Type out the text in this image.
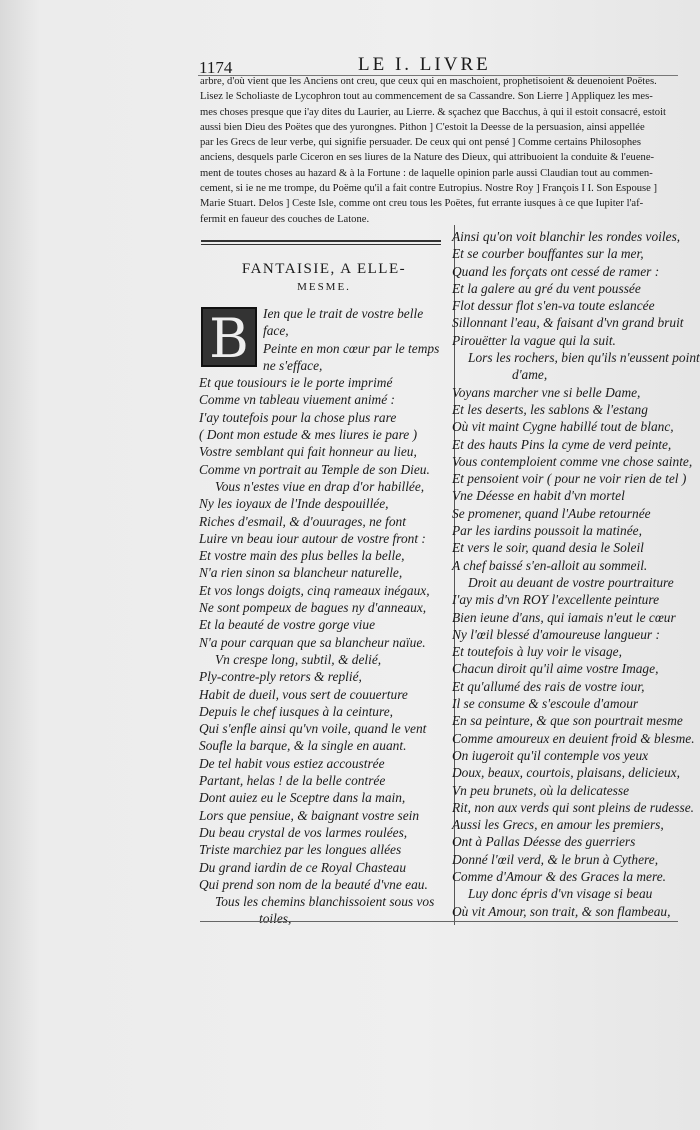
1174	LE I. LIVRE

arbre, d'où vient que les Anciens ont creu, que ceux qui en maschoient, prophetisoient & deuenoient Poëtes.

Lisez le Scholiaste de Lycophron tout au commencement de sa Cassandre. Son Lierre ] Appliquez les mes-

mes choses presque que i'ay dites du Laurier, au Lierre. & sçachez que Bacchus, à qui il estoit consacré, estoit

aussi bien Dieu des Poëtes que des yurongnes. Pithon ] C'estoit la Deesse de la persuasion, ainsi appellée

par les Grecs de leur verbe, qui signifie persuader. De ceux qui ont pensé ] Comme certains Philosophes

anciens, desquels parle Ciceron en ses liures de la Nature des Dieux, qui attribuoient la conduite & l'euene-

ment de toutes choses au hazard & à la Fortune : de laquelle opinion parle aussi Claudian tout au commen-

cement, si ie ne me trompe, du Poëme qu'il a fait contre Eutropius. Nostre Roy ] François I I. Son Espouse ]

Marie Stuart. Delos ] Ceste Isle, comme ont creu tous les Poëtes, fut errante iusques à ce que Iupiter l'af-

fermit en faueur des couches de Latone.

FANTAISIE, A ELLE-
MESME.
B	Ien que le trait de vostre belle
face,
Peinte en mon cœur par le temps
ne s'efface,
Et que tousiours ie le porte imprimé
Comme vn tableau viuement animé :
I'ay toutefois pour la chose plus rare
( Dont mon estude & mes liures ie pare )
Vostre semblant qui fait honneur au lieu,
Comme vn portrait au Temple de son Dieu.
Vous n'estes viue en drap d'or habillée,
Ny les ioyaux de l'Inde despouillée,
Riches d'esmail, & d'ouurages, ne font
Luire vn beau iour autour de vostre front :
Et vostre main des plus belles la belle,
N'a rien sinon sa blancheur naturelle,
Et vos longs doigts, cinq rameaux inégaux,
Ne sont pompeux de bagues ny d'anneaux,
Et la beauté de vostre gorge viue
N'a pour carquan que sa blancheur naïue.
Vn crespe long, subtil, & delié,
Ply-contre-ply retors & replié,
Habit de dueil, vous sert de couuerture
Depuis le chef iusques à la ceinture,
Qui s'enfle ainsi qu'vn voile, quand le vent
Soufle la barque, & la single en auant.
De tel habit vous estiez accoustrée
Partant, helas ! de la belle contrée
Dont auiez eu le Sceptre dans la main,
Lors que pensiue, & baignant vostre sein
Du beau crystal de vos larmes roulées,
Triste marchiez par les longues allées
Du grand iardin de ce Royal Chasteau
Qui prend son nom de la beauté d'vne eau.
Tous les chemins blanchissoient sous vos
toiles,
Ainsi qu'on voit blanchir les rondes voiles,
Et se courber bouffantes sur la mer,
Quand les forçats ont cessé de ramer :
Et la galere au gré du vent poussée
Flot dessur flot s'en-va toute eslancée
Sillonnant l'eau, & faisant d'vn grand bruit
Pirouëtter la vague qui la suit.
Lors les rochers, bien qu'ils n'eussent point
d'ame,
Voyans marcher vne si belle Dame,
Et les deserts, les sablons & l'estang
Où vit maint Cygne habillé tout de blanc,
Et des hauts Pins la cyme de verd peinte,
Vous contemploient comme vne chose sainte,
Et pensoient voir ( pour ne voir rien de tel )
Vne Déesse en habit d'vn mortel
Se promener, quand l'Aube retournée
Par les iardins poussoit la matinée,
Et vers le soir, quand desia le Soleil
A chef baissé s'en-alloit au sommeil.
Droit au deuant de vostre pourtraiture
I'ay mis d'vn ROY l'excellente peinture
Bien ieune d'ans, qui iamais n'eut le cœur
Ny l'œil blessé d'amoureuse langueur :
Et toutefois à luy voir le visage,
Chacun diroit qu'il aime vostre Image,
Et qu'allumé des rais de vostre iour,
Il se consume & s'escoule d'amour
En sa peinture, & que son pourtrait mesme
Comme amoureux en deuient froid & blesme.
On iugeroit qu'il contemple vos yeux
Doux, beaux, courtois, plaisans, delicieux,
Vn peu brunets, où la delicatesse
Rit, non aux verds qui sont pleins de rudesse.
Aussi les Grecs, en amour les premiers,
Ont à Pallas Déesse des guerriers
Donné l'œil verd, & le brun à Cythere,
Comme d'Amour & des Graces la mere.
Luy donc épris d'vn visage si beau
Où vit Amour, son trait, & son flambeau,
